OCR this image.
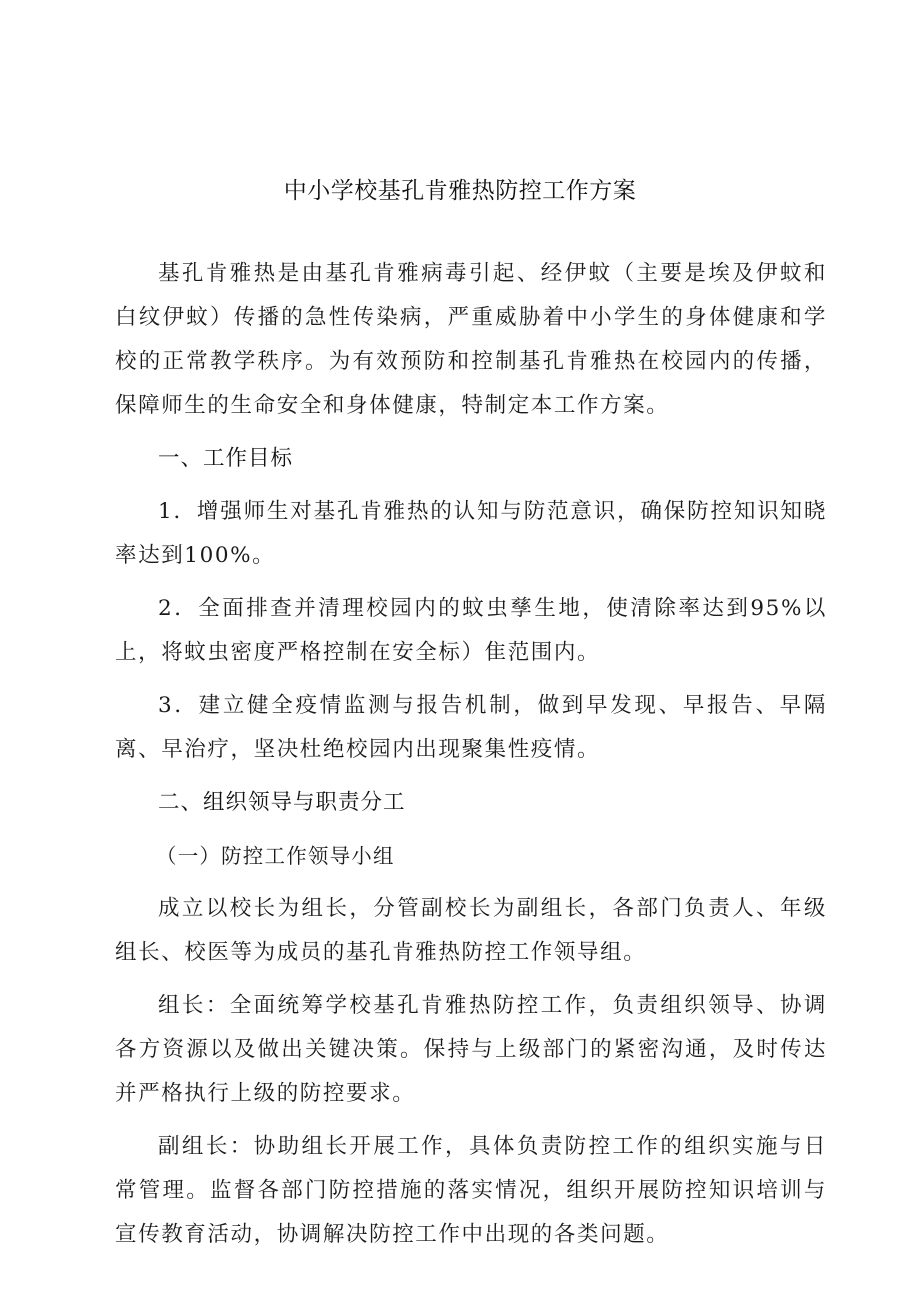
中小学校基孔肯雅热防控工作方案

基孔肯雅热是由基孔肯雅病毒引起、经伊蚊（主要是埃及伊蚊和白纹伊蚊）传播的急性传染病，严重威胁着中小学生的身体健康和学校的正常教学秩序。为有效预防和控制基孔肯雅热在校园内的传播，保障师生的生命安全和身体健康，特制定本工作方案。

一、工作目标

1．增强师生对基孔肯雅热的认知与防范意识，确保防控知识知晓率达到100%。

2．全面排查并清理校园内的蚊虫孳生地，使清除率达到95%以上，将蚊虫密度严格控制在安全标）隹范围内。

3．建立健全疫情监测与报告机制，做到早发现、早报告、早隔离、早治疗，坚决杜绝校园内出现聚集性疫情。

二、组织领导与职责分工

（一）防控工作领导小组

成立以校长为组长，分管副校长为副组长，各部门负责人、年级组长、校医等为成员的基孔肯雅热防控工作领导组。

组长：全面统筹学校基孔肯雅热防控工作，负责组织领导、协调各方资源以及做出关键决策。保持与上级部门的紧密沟通，及时传达并严格执行上级的防控要求。

副组长：协助组长开展工作，具体负责防控工作的组织实施与日常管理。监督各部门防控措施的落实情况，组织开展防控知识培训与宣传教育活动，协调解决防控工作中出现的各类问题。
